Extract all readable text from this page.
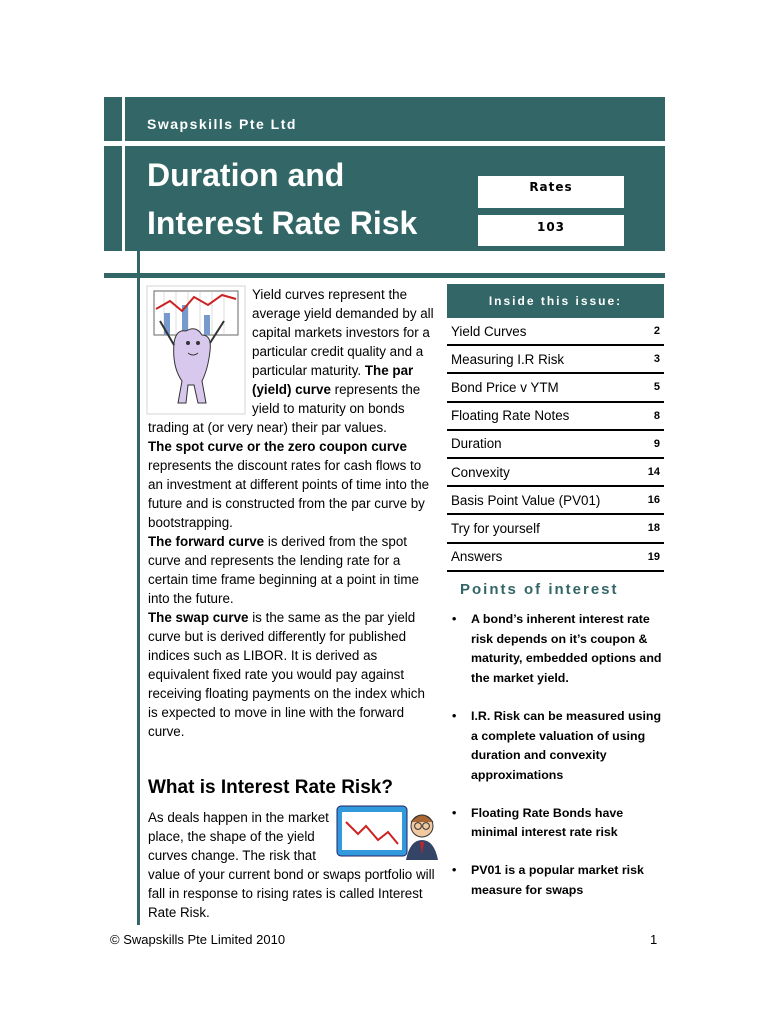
Swapskills Pte Ltd
Duration and
Interest Rate Risk
Rates
103

Yield curves represent the average yield demanded by all capital markets investors for a particular credit quality and a particular maturity. The par (yield) curve represents the yield to maturity on bonds trading at (or very near) their par values.

The spot curve or the zero coupon curve represents the discount rates for cash flows to an investment at different points of time into the future and is constructed from the par curve by bootstrapping.

The forward curve is derived from the spot curve and represents the lending rate for a certain time frame beginning at a point in time into the future.

The swap curve is the same as the par yield curve but is derived differently for published indices such as LIBOR. It is derived as equivalent fixed rate you would pay against receiving floating payments on the index which is expected to move in line with the forward curve.

What is Interest Rate Risk?
As deals happen in the market place, the shape of the yield curves change. The risk that value of your current bond or swaps portfolio will fall in response to rising rates is called Interest Rate Risk.
Inside this issue:
Yield Curves	2
Measuring I.R Risk	3
Bond Price v YTM	5
Floating Rate Notes	8
Duration	9
Convexity	14
Basis Point Value (PV01)	16
Try for yourself	18
Answers	19
Points of interest
• A bond’s inherent interest rate risk depends on it’s coupon & maturity, embedded options and the market yield.
• I.R. Risk can be measured using a complete valuation of using duration and convexity approximations
• Floating Rate Bonds have minimal interest rate risk
• PV01 is a popular market risk measure for swaps
© Swapskills Pte Limited 2010	1
